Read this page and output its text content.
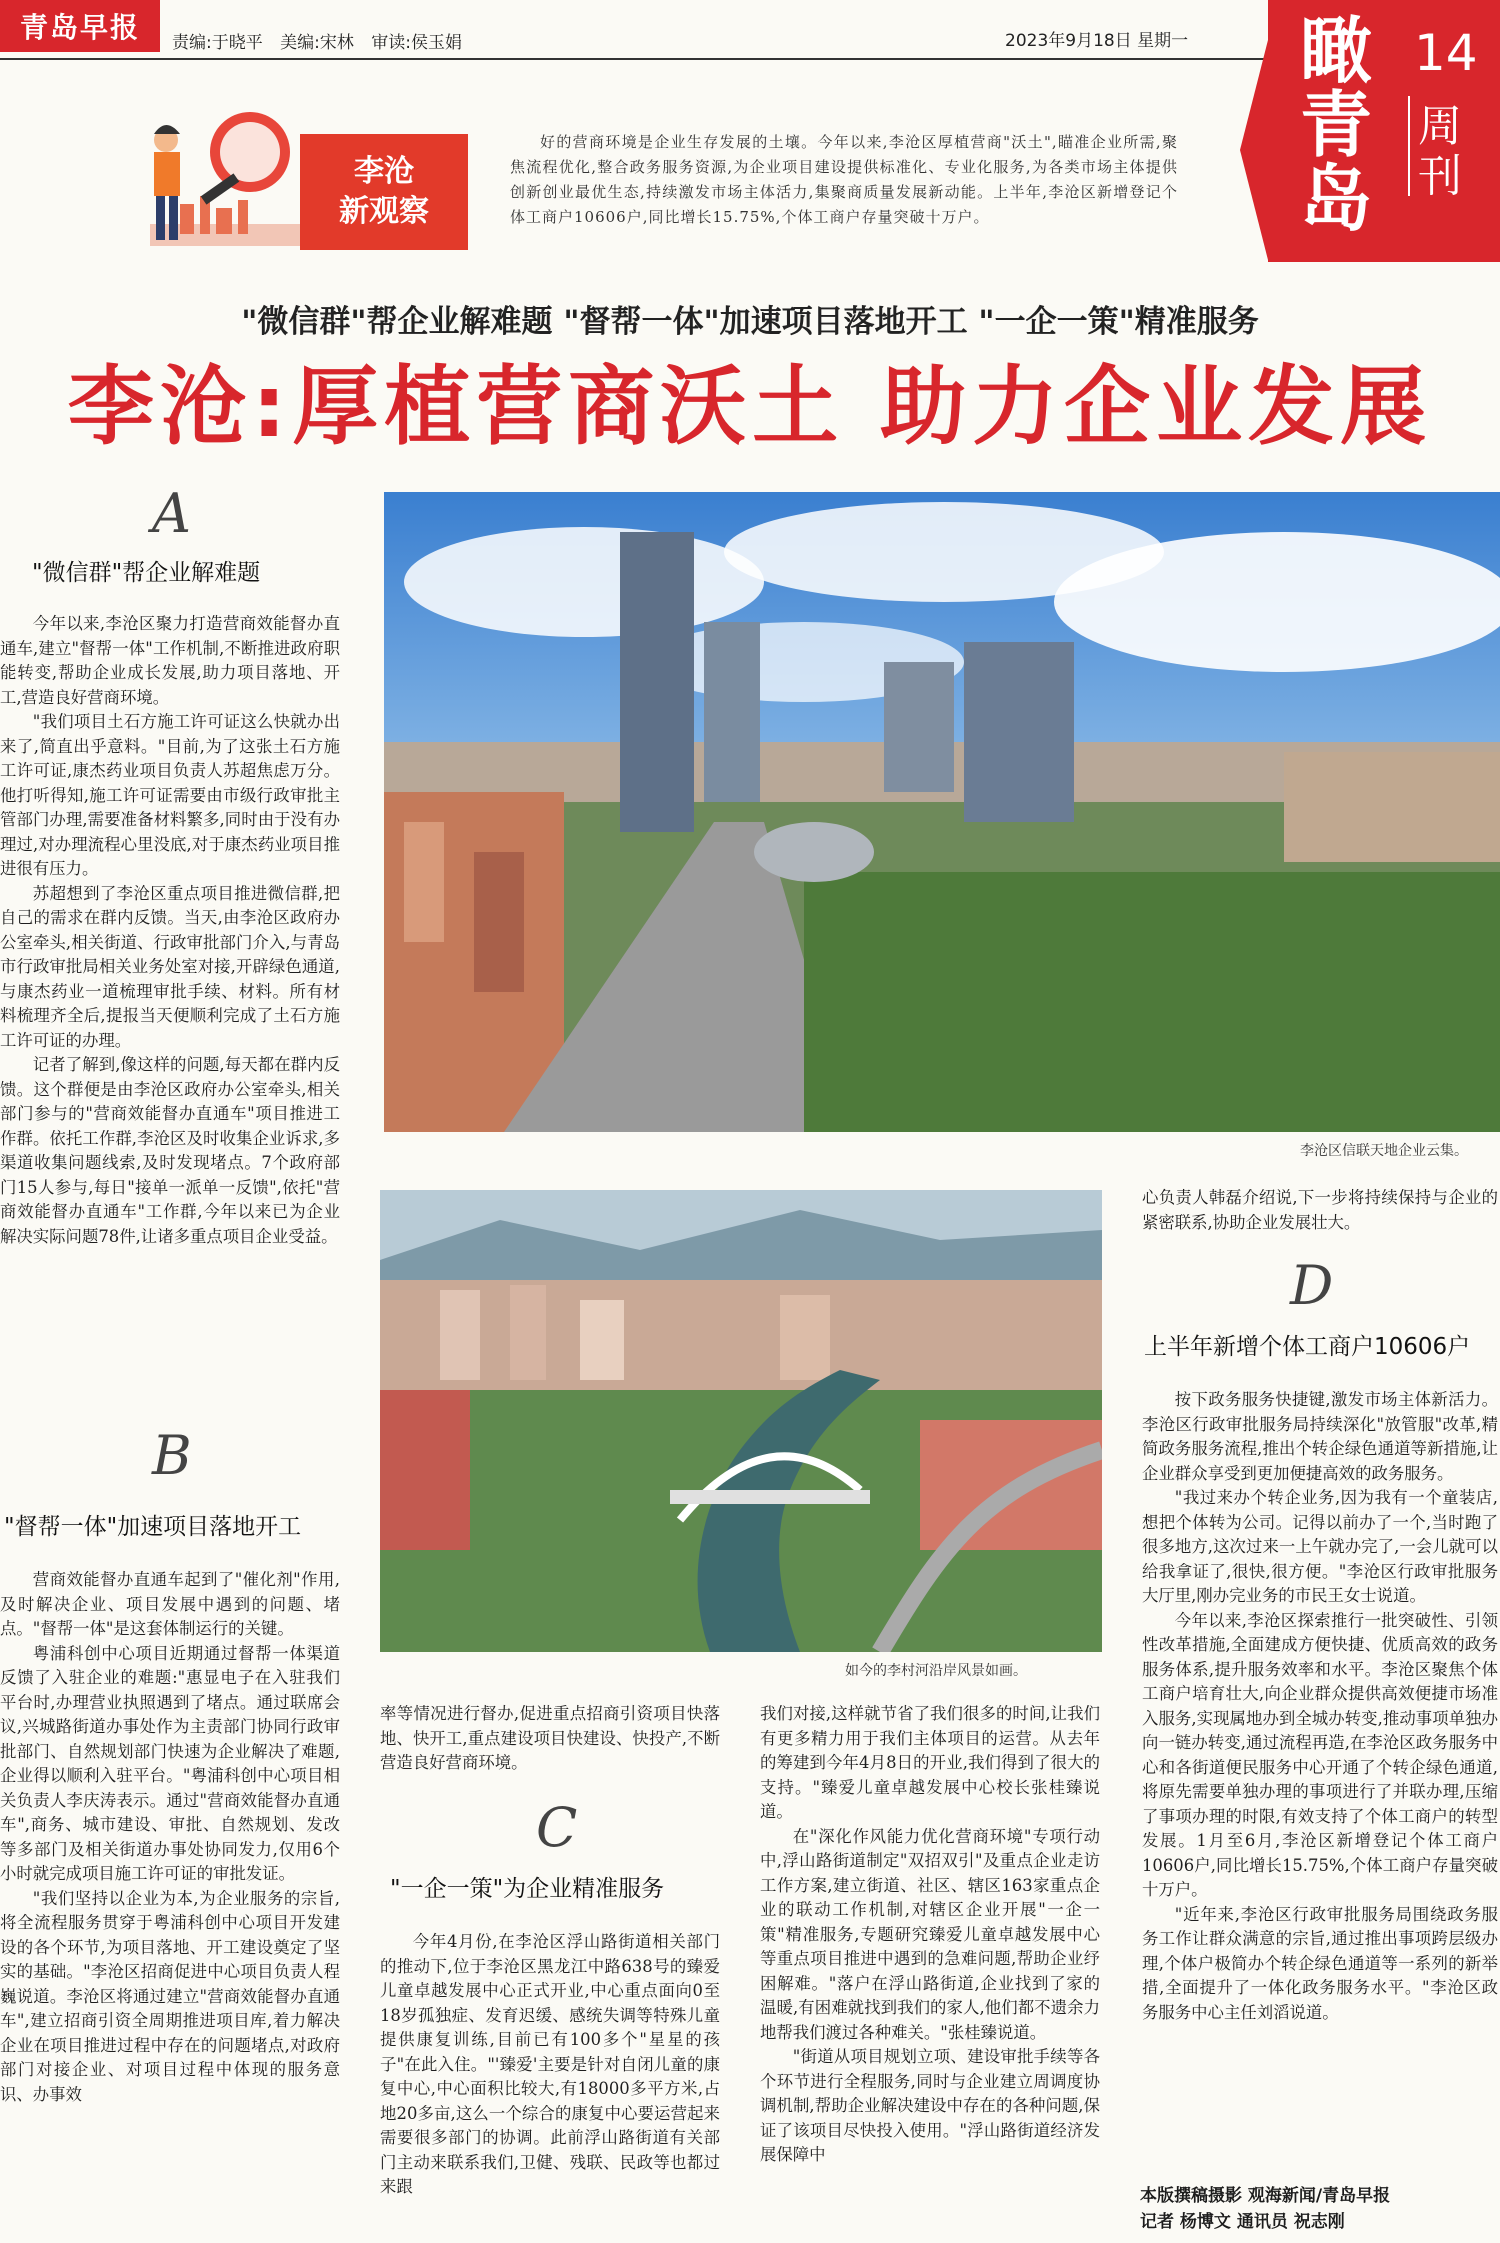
青岛早报	责编:于晓平 美编:宋林 审读:侯玉娟	2023年9月18日 星期一 瞰青岛
14
周刊
李沧
新观察
好的营商环境是企业生存发展的土壤。今年以来,李沧区厚植营商"沃土",瞄准企业所需,聚焦流程优化,整合政务服务资源,为企业项目建设提供标准化、专业化服务,为各类市场主体提供创新创业最优生态,持续激发市场主体活力,集聚商质量发展新动能。上半年,李沧区新增登记个体工商户10606户,同比增长15.75%,个体工商户存量突破十万户。
"微信群"帮企业解难题 "督帮一体"加速项目落地开工 "一企一策"精准服务
李沧:厚植营商沃土 助力企业发展
李沧区信联天地企业云集。
如今的李村河沿岸风景如画。
A
"微信群"帮企业解难题

今年以来,李沧区聚力打造营商效能督办直通车,建立"督帮一体"工作机制,不断推进政府职能转变,帮助企业成长发展,助力项目落地、开工,营造良好营商环境。

"我们项目土石方施工许可证这么快就办出来了,简直出乎意料。"目前,为了这张土石方施工许可证,康杰药业项目负责人苏超焦虑万分。他打听得知,施工许可证需要由市级行政审批主管部门办理,需要准备材料繁多,同时由于没有办理过,对办理流程心里没底,对于康杰药业项目推进很有压力。

苏超想到了李沧区重点项目推进微信群,把自己的需求在群内反馈。当天,由李沧区政府办公室牵头,相关街道、行政审批部门介入,与青岛市行政审批局相关业务处室对接,开辟绿色通道,与康杰药业一道梳理审批手续、材料。所有材料梳理齐全后,提报当天便顺利完成了土石方施工许可证的办理。

记者了解到,像这样的问题,每天都在群内反馈。这个群便是由李沧区政府办公室牵头,相关部门参与的"营商效能督办直通车"项目推进工作群。依托工作群,李沧区及时收集企业诉求,多渠道收集问题线索,及时发现堵点。7个政府部门15人参与,每日"接单一派单一反馈",依托"营商效能督办直通车"工作群,今年以来已为企业解决实际问题78件,让诸多重点项目企业受益。

B
"督帮一体"加速项目落地开工

营商效能督办直通车起到了"催化剂"作用,及时解决企业、项目发展中遇到的问题、堵点。"督帮一体"是这套体制运行的关键。

粤浦科创中心项目近期通过督帮一体渠道反馈了入驻企业的难题:"惠显电子在入驻我们平台时,办理营业执照遇到了堵点。通过联席会议,兴城路街道办事处作为主责部门协同行政审批部门、自然规划部门快速为企业解决了难题,企业得以顺利入驻平台。"粤浦科创中心项目相关负责人李庆涛表示。通过"营商效能督办直通车",商务、城市建设、审批、自然规划、发改等多部门及相关街道办事处协同发力,仅用6个小时就完成项目施工许可证的审批发证。

"我们坚持以企业为本,为企业服务的宗旨,将全流程服务贯穿于粤浦科创中心项目开发建设的各个环节,为项目落地、开工建设奠定了坚实的基础。"李沧区招商促进中心项目负责人程巍说道。李沧区将通过建立"营商效能督办直通车",建立招商引资全周期推进项目库,着力解决企业在项目推进过程中存在的问题堵点,对政府部门对接企业、对项目过程中体现的服务意识、办事效

率等情况进行督办,促进重点招商引资项目快落地、快开工,重点建设项目快建设、快投产,不断营造良好营商环境。

C
"一企一策"为企业精准服务

今年4月份,在李沧区浮山路街道相关部门的推动下,位于李沧区黑龙江中路638号的臻爱儿童卓越发展中心正式开业,中心重点面向0至18岁孤独症、发育迟缓、感统失调等特殊儿童提供康复训练,目前已有100多个"星星的孩子"在此入住。"'臻爱'主要是针对自闭儿童的康复中心,中心面积比较大,有18000多平方米,占地20多亩,这么一个综合的康复中心要运营起来需要很多部门的协调。此前浮山路街道有关部门主动来联系我们,卫健、残联、民政等也都过来跟

我们对接,这样就节省了我们很多的时间,让我们有更多精力用于我们主体项目的运营。从去年的筹建到今年4月8日的开业,我们得到了很大的支持。"臻爱儿童卓越发展中心校长张桂臻说道。

在"深化作风能力优化营商环境"专项行动中,浮山路街道制定"双招双引"及重点企业走访工作方案,建立街道、社区、辖区163家重点企业的联动工作机制,对辖区企业开展"一企一策"精准服务,专题研究臻爱儿童卓越发展中心等重点项目推进中遇到的急难问题,帮助企业纾困解难。"落户在浮山路街道,企业找到了家的温暖,有困难就找到我们的家人,他们都不遗余力地帮我们渡过各种难关。"张桂臻说道。

"街道从项目规划立项、建设审批手续等各个环节进行全程服务,同时与企业建立周调度协调机制,帮助企业解决建设中存在的各种问题,保证了该项目尽快投入使用。"浮山路街道经济发展保障中

心负责人韩磊介绍说,下一步将持续保持与企业的紧密联系,协助企业发展壮大。

D
上半年新增个体工商户10606户

按下政务服务快捷键,激发市场主体新活力。李沧区行政审批服务局持续深化"放管服"改革,精简政务服务流程,推出个转企绿色通道等新措施,让企业群众享受到更加便捷高效的政务服务。

"我过来办个转企业务,因为我有一个童装店,想把个体转为公司。记得以前办了一个,当时跑了很多地方,这次过来一上午就办完了,一会儿就可以给我拿证了,很快,很方便。"李沧区行政审批服务大厅里,刚办完业务的市民王女士说道。

今年以来,李沧区探索推行一批突破性、引领性改革措施,全面建成方便快捷、优质高效的政务服务体系,提升服务效率和水平。李沧区聚焦个体工商户培育壮大,向企业群众提供高效便捷市场准入服务,实现属地办到全城办转变,推动事项单独办向一链办转变,通过流程再造,在李沧区政务服务中心和各街道便民服务中心开通了个转企绿色通道,将原先需要单独办理的事项进行了并联办理,压缩了事项办理的时限,有效支持了个体工商户的转型发展。1月至6月,李沧区新增登记个体工商户10606户,同比增长15.75%,个体工商户存量突破十万户。

"近年来,李沧区行政审批服务局围绕政务服务工作让群众满意的宗旨,通过推出事项跨层级办理,个体户极简办个转企绿色通道等一系列的新举措,全面提升了一体化政务服务水平。"李沧区政务服务中心主任刘滔说道。

本版撰稿摄影 观海新闻/青岛早报
记者 杨博文 通讯员 祝志刚
